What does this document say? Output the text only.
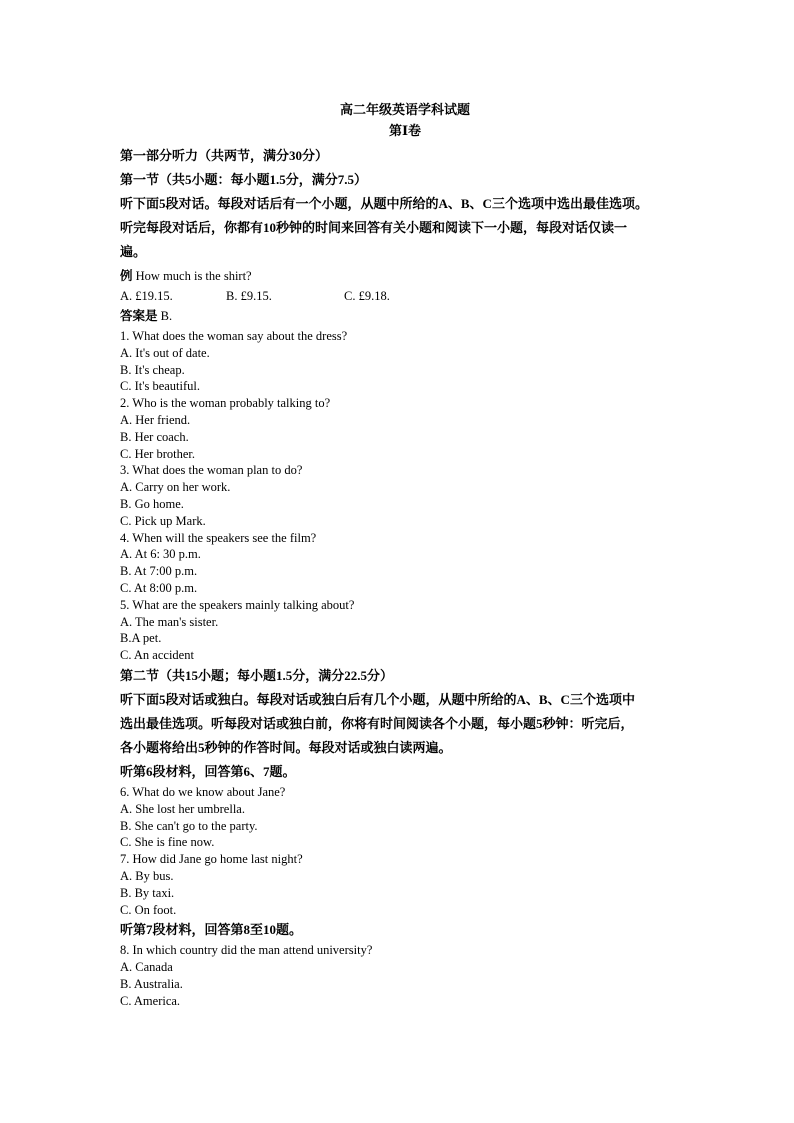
高二年级英语学科试题

第Ⅰ卷

第一部分听力（共两节，满分30分）

第一节（共5小题：每小题1.5分，满分7.5）

听下面5段对话。每段对话后有一个小题，从题中所给的A、B、C三个选项中选出最佳选项。

听完每段对话后，你都有10秒钟的时间来回答有关小题和阅读下一小题，每段对话仅读一

遍。

例 How much is the shirt?

A. £19.15.	B. £9.15.	C. £9.18.

答案是 B.

1. What does the woman say about the dress?

A. It's out of date.

B. It's cheap.

C. It's beautiful.

2. Who is the woman probably talking to?

A. Her friend.

B. Her coach.

C. Her brother.

3. What does the woman plan to do?

A. Carry on her work.

B. Go home.

C. Pick up Mark.

4. When will the speakers see the film?

A. At 6: 30 p.m.

B. At 7:00 p.m.

C. At 8:00 p.m.

5. What are the speakers mainly talking about?

A. The man's sister.

B.A pet.

C. An accident

第二节（共15小题；每小题1.5分，满分22.5分）

听下面5段对话或独白。每段对话或独白后有几个小题，从题中所给的A、B、C三个选项中

选出最佳选项。听每段对话或独白前，你将有时间阅读各个小题，每小题5秒钟：听完后，

各小题将给出5秒钟的作答时间。每段对话或独白读两遍。

听第6段材料，回答第6、7题。

6. What do we know about Jane?

A. She lost her umbrella.

B. She can't go to the party.

C. She is fine now.

7. How did Jane go home last night?

A. By bus.

B. By taxi.

C. On foot.

听第7段材料，回答第8至10题。

8. In which country did the man attend university?

A. Canada

B. Australia.

C. America.
